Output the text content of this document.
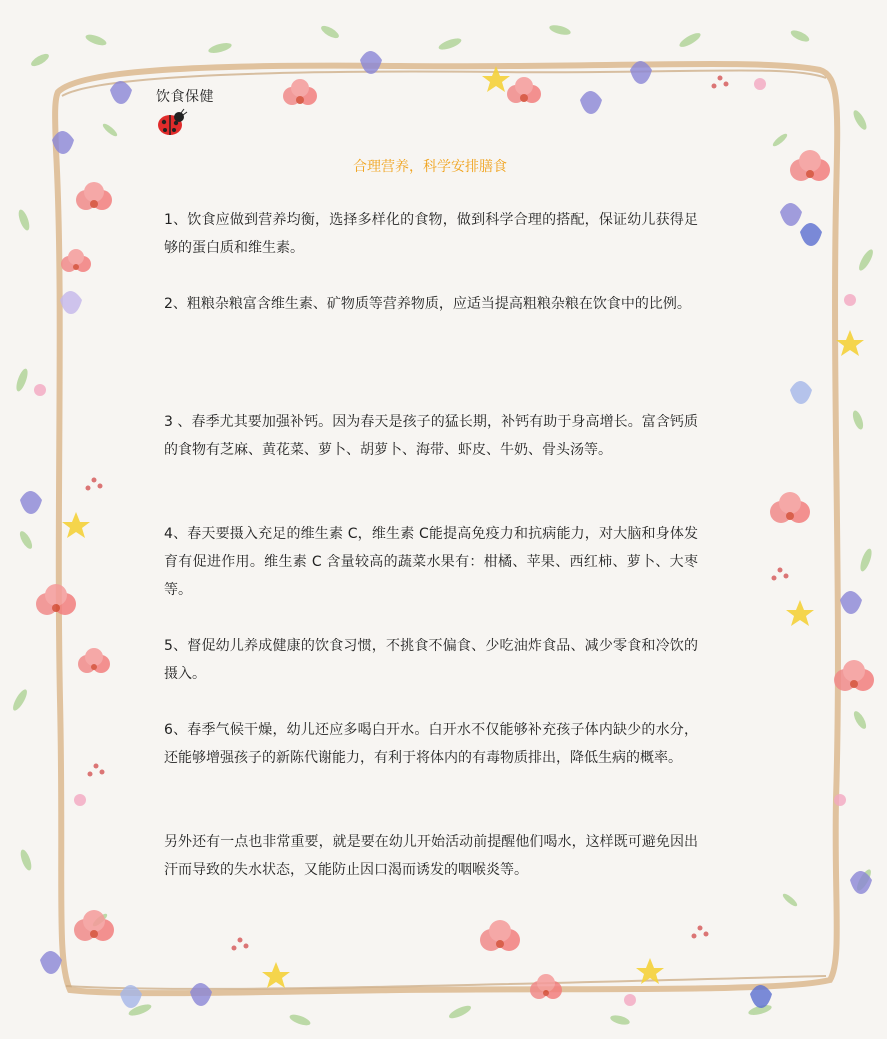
饮食保健
合理营养，科学安排膳食

1、饮食应做到营养均衡，选择多样化的食物，做到科学合理的搭配，保证幼儿获得足够的蛋白质和维生素。

2、粗粮杂粮富含维生素、矿物质等营养物质，应适当提高粗粮杂粮在饮食中的比例。

3 、春季尤其要加强补钙。因为春天是孩子的猛长期，补钙有助于身高增长。富含钙质的食物有芝麻、黄花菜、萝卜、胡萝卜、海带、虾皮、牛奶、骨头汤等。

4、春天要摄入充足的维生素 C，维生素 C能提高免疫力和抗病能力，对大脑和身体发育有促进作用。维生素 C 含量较高的蔬菜水果有：柑橘、苹果、西红柿、萝卜、大枣等。

5、督促幼儿养成健康的饮食习惯，不挑食不偏食、少吃油炸食品、减少零食和冷饮的摄入。

6、春季气候干燥，幼儿还应多喝白开水。白开水不仅能够补充孩子体内缺少的水分，还能够增强孩子的新陈代谢能力，有利于将体内的有毒物质排出，降低生病的概率。

另外还有一点也非常重要，就是要在幼儿开始活动前提醒他们喝水，这样既可避免因出汗而导致的失水状态，又能防止因口渴而诱发的咽喉炎等。
